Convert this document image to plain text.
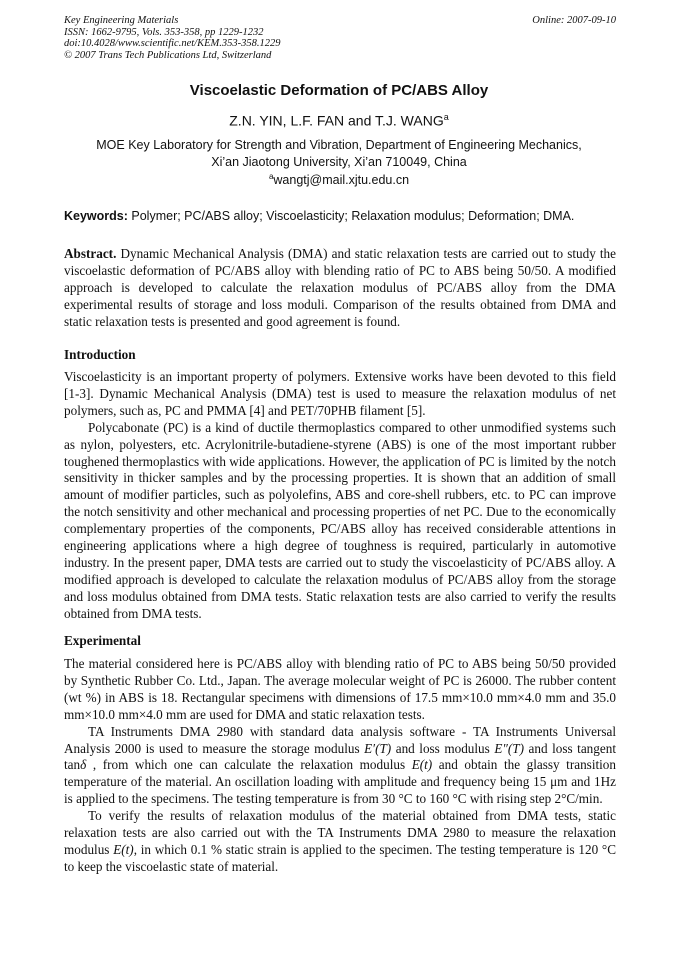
Key Engineering Materials
ISSN: 1662-9795, Vols. 353-358, pp 1229-1232
doi:10.4028/www.scientific.net/KEM.353-358.1229
© 2007 Trans Tech Publications Ltd, Switzerland
Online: 2007-09-10
Viscoelastic Deformation of PC/ABS Alloy
Z.N. YIN, L.F. FAN and T.J. WANG$^a$
MOE Key Laboratory for Strength and Vibration, Department of Engineering Mechanics,
Xi’an Jiaotong University, Xi’an 710049, China
$^a$wangtj@mail.xjtu.edu.cn
Keywords: Polymer; PC/ABS alloy; Viscoelasticity; Relaxation modulus; Deformation; DMA.

Abstract. Dynamic Mechanical Analysis (DMA) and static relaxation tests are carried out to study the viscoelastic deformation of PC/ABS alloy with blending ratio of PC to ABS being 50/50. A modified approach is developed to calculate the relaxation modulus of PC/ABS alloy from the DMA experimental results of storage and loss moduli. Comparison of the results obtained from DMA and static relaxation tests is presented and good agreement is found.

Introduction

Viscoelasticity is an important property of polymers. Extensive works have been devoted to this field [1-3]. Dynamic Mechanical Analysis (DMA) test is used to measure the relaxation modulus of net polymers, such as, PC and PMMA [4] and PET/70PHB filament [5].

Polycabonate (PC) is a kind of ductile thermoplastics compared to other unmodified systems such as nylon, polyesters, etc. Acrylonitrile-butadiene-styrene (ABS) is one of the most important rubber toughened thermoplastics with wide applications. However, the application of PC is limited by the notch sensitivity in thicker samples and by the processing properties. It is shown that an addition of small amount of modifier particles, such as polyolefins, ABS and core-shell rubbers, etc. to PC can improve the notch sensitivity and other mechanical and processing properties of net PC. Due to the economically complementary properties of the components, PC/ABS alloy has received considerable attentions in engineering applications where a high degree of toughness is required, particularly in automotive industry. In the present paper, DMA tests are carried out to study the viscoelasticity of PC/ABS alloy. A modified approach is developed to calculate the relaxation modulus of PC/ABS alloy from the storage and loss modulus obtained from DMA tests. Static relaxation tests are also carried to verify the results obtained from DMA tests.

Experimental

The material considered here is PC/ABS alloy with blending ratio of PC to ABS being 50/50 provided by Synthetic Rubber Co. Ltd., Japan. The average molecular weight of PC is 26000. The rubber content (wt %) in ABS is 18. Rectangular specimens with dimensions of 17.5 mm×10.0 mm×4.0 mm and 35.0 mm×10.0 mm×4.0 mm are used for DMA and static relaxation tests.

TA Instruments DMA 2980 with standard data analysis software - TA Instruments Universal Analysis 2000 is used to measure the storage modulus E′(T) and loss modulus E″(T) and loss tangent tanδ , from which one can calculate the relaxation modulus E(t) and obtain the glassy transition temperature of the material. An oscillation loading with amplitude and frequency being 15 μm and 1Hz is applied to the specimens. The testing temperature is from 30 °C to 160 °C with rising step 2°C/min.

To verify the results of relaxation modulus of the material obtained from DMA tests, static relaxation tests are also carried out with the TA Instruments DMA 2980 to measure the relaxation modulus E(t), in which 0.1 % static strain is applied to the specimen. The testing temperature is 120 °C to keep the viscoelastic state of material.
